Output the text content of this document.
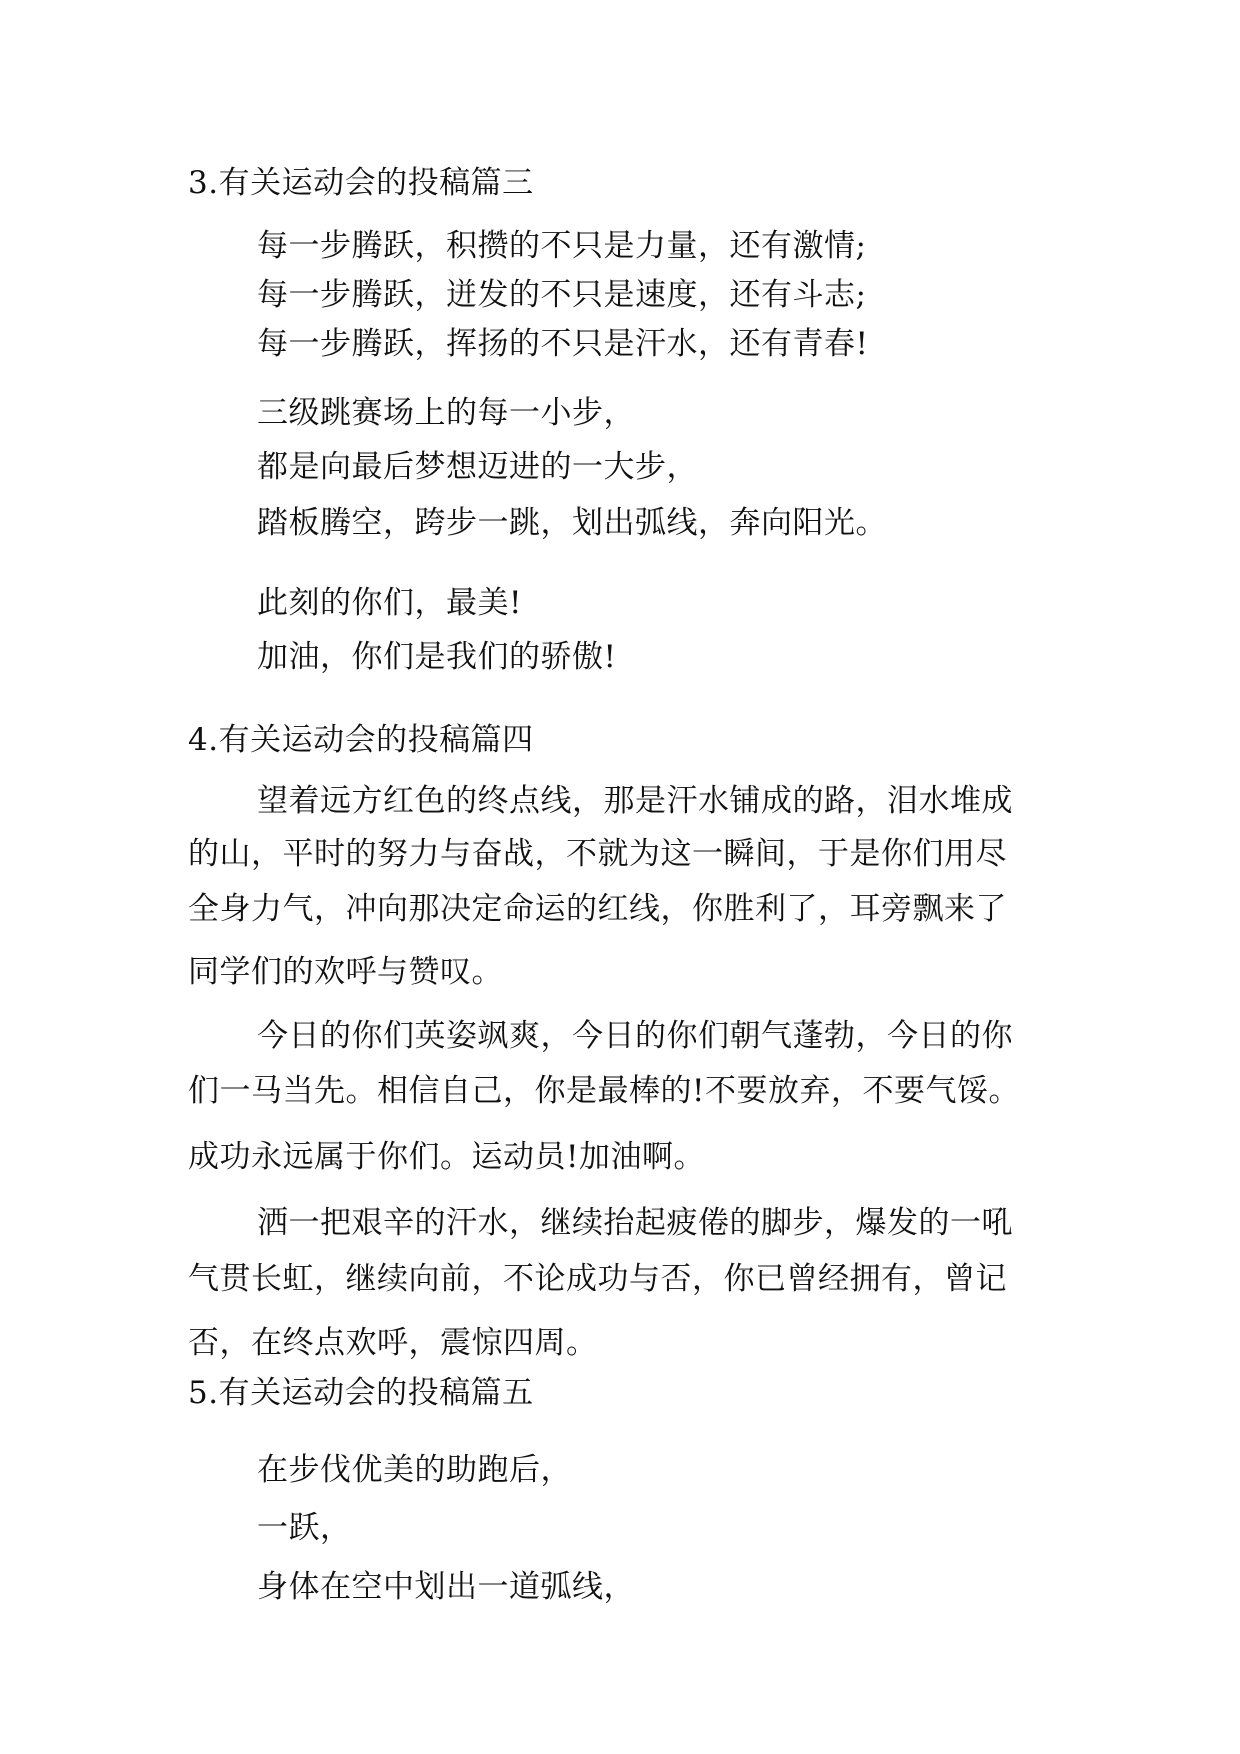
3.有关运动会的投稿篇三
每一步腾跃，积攒的不只是力量，还有激情;
每一步腾跃，迸发的不只是速度，还有斗志;
每一步腾跃，挥扬的不只是汗水，还有青春!
三级跳赛场上的每一小步，
都是向最后梦想迈进的一大步，
踏板腾空，跨步一跳，划出弧线，奔向阳光。
此刻的你们，最美!
加油，你们是我们的骄傲!
4.有关运动会的投稿篇四
望着远方红色的终点线，那是汗水铺成的路，泪水堆成
的山，平时的努力与奋战，不就为这一瞬间，于是你们用尽
全身力气，冲向那决定命运的红线，你胜利了，耳旁飘来了
同学们的欢呼与赞叹。
今日的你们英姿飒爽，今日的你们朝气蓬勃，今日的你
们一马当先。相信自己，你是最棒的!不要放弃，不要气馁。
成功永远属于你们。运动员!加油啊。
洒一把艰辛的汗水，继续抬起疲倦的脚步，爆发的一吼
气贯长虹，继续向前，不论成功与否，你已曾经拥有，曾记
否，在终点欢呼，震惊四周。
5.有关运动会的投稿篇五
在步伐优美的助跑后，
一跃，
身体在空中划出一道弧线，
